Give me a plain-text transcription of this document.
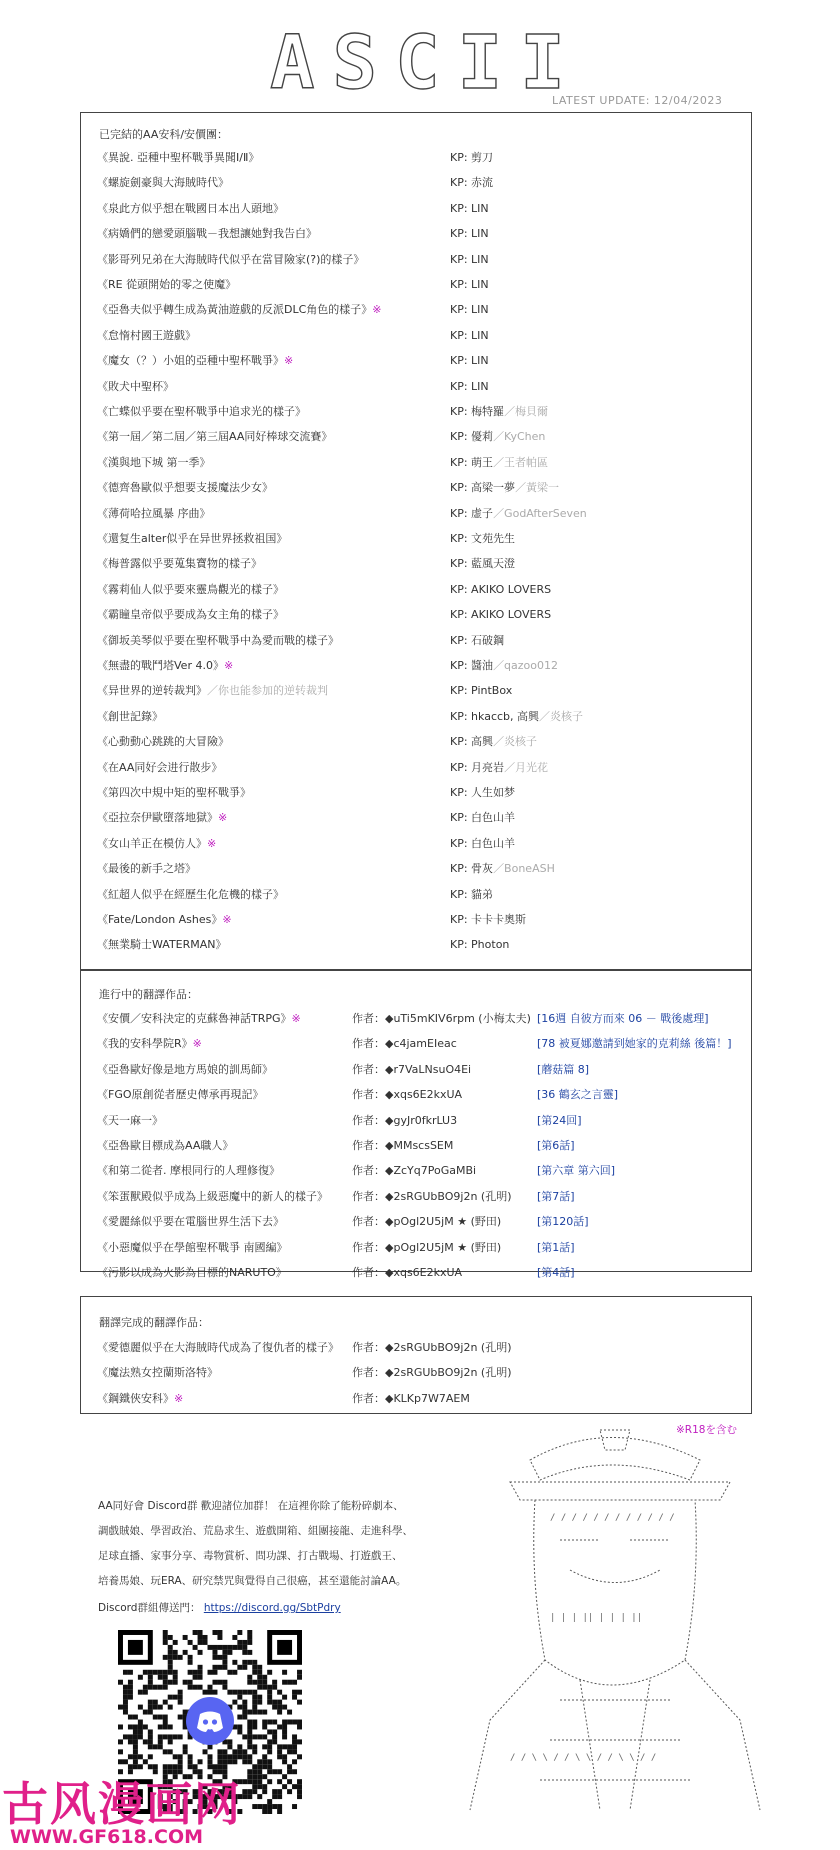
ASCII
LATEST UPDATE: 12/04/2023
已完結的AA安科/安價團：
《異說. 亞種中聖杯戰爭異聞Ⅰ/Ⅱ》	KP: 剪刀
《螺旋劍豪與大海賊時代》	KP: 赤流
《泉此方似乎想在戰國日本出人頭地》	KP: LIN
《病嬌們的戀愛頭腦戰－我想讓她對我告白》	KP: LIN
《影哥列兄弟在大海賊時代似乎在當冒險家(?)的樣子》	KP: LIN
《RE 從頭開始的零之使魔》	KP: LIN
《亞魯夫似乎轉生成為黃油遊戲的反派DLC角色的樣子》※	KP: LIN
《怠惰村國王遊戲》	KP: LIN
《魔女（？）小姐的亞種中聖杯戰爭》※	KP: LIN
《敗犬中聖杯》	KP: LIN
《亡蝶似乎要在聖杯戰爭中追求光的樣子》	KP: 梅特羅／梅貝爾
《第一屆／第二屆／第三屆AA同好棒球交流賽》	KP: 優莉／KyChen
《漢與地下城 第一季》	KP: 萌王／王者帕區
《德齊魯歐似乎想要支援魔法少女》	KP: 高梁一夢／黃梁一
《薄荷哈拉風暴 序曲》	KP: 虚子／GodAfterSeven
《還复生alter似乎在异世界拯救祖国》	KP: 文苑先生
《梅普露似乎要蒐集寶物的樣子》	KP: 藍風天澄
《霧莉仙人似乎要來靈鳥觀光的樣子》	KP: AKIKO LOVERS
《霸瞳皇帝似乎要成為女主角的樣子》	KP: AKIKO LOVERS
《御坂美琴似乎要在聖杯戰爭中為愛而戰的樣子》	KP: 石破鋼
《無盡的戰鬥塔Ver 4.0》※	KP: 醬油／qazoo012
《异世界的逆转裁判》／你也能参加的逆转裁判	KP: PintBox
《創世記錄》	KP: hkaccb, 高興／炎核子
《心動動心跳跳的大冒險》	KP: 高興／炎核子
《在AA同好会进行散步》	KP: 月亮岩／月光花
《第四次中規中矩的聖杯戰爭》	KP: 人生如梦
《亞拉奈伊歐墮落地獄》※	KP: 白色山羊
《女山羊正在模仿人》※	KP: 白色山羊
《最後的新手之塔》	KP: 骨灰／BoneASH
《紅超人似乎在經歷生化危機的樣子》	KP: 貓弟
《Fate/London Ashes》※	KP: 卡卡卡奧斯
《無業騎士WATERMAN》	KP: Photon
進行中的翻譯作品：
《安價／安科決定的克蘇魯神話TRPG》※	作者：◆uTi5mKIV6rpm (小梅太夫) [16週 自彼方而來 06 － 戰後處理]
《我的安科學院R》※	作者：◆c4jamEIeac	[78 被夏娜邀請到她家的克莉絲 後篇！]
《亞魯歐好像是地方馬娘的訓馬師》	作者：◆r7VaLNsuO4Ei	[蘑菇篇 8]
《FGO原創從者歷史傳承再現記》	作者：◆xqs6E2kxUA	[36 鶴玄之言靈]
《天一麻一》	作者：◆gyJr0fkrLU3	[第24回]
《亞魯歐目標成為AA職人》	作者：◆MMscsSEM	[第6話]
《和第二從者. 摩根同行的人理修復》	作者：◆ZcYq7PoGaMBi	[第六章 第六回]
《笨蛋獸殿似乎成為上級惡魔中的新人的樣子》 作者：◆2sRGUbBO9j2n (孔明) [第7話]
《愛麗絲似乎要在電腦世界生活下去》	作者：◆pOgl2U5jM ★ (野田)	[第120話]
《小惡魔似乎在學館聖杯戰爭 南國編》	作者：◆pOgl2U5jM ★ (野田)	[第1話]
《污影以成為火影為目標的NARUTO》	作者：◆xqs6E2kxUA	[第4話]
翻譯完成的翻譯作品：
《愛德麗似乎在大海賊時代成為了復仇者的樣子》 作者：◆2sRGUbBO9j2n (孔明)
《魔法熟女控蘭斯洛特》	作者：◆2sRGUbBO9j2n (孔明)
《鋼鐵俠安科》※	作者：◆KLKp7W7AEM
※R18を含む
AA同好會 Discord群 歡迎諸位加群！ 在這裡你除了能粉碎劇本、
調戲賊娘、學習政治、荒島求生、遊戲開箱、組團接龍、走進科學、
足球直播、家事分享、毒物賞析、問功課、打古戰場、打遊戲王、
培養馬娘、玩ERA、研究禁咒與覺得自己很癌，甚至還能討論AA。
Discord群組傳送門： https://discord.gg/SbtPdry
/ / / / / / / / / / / /
| | | || | | | ||
/ / \ \ / / \ \ / / \ \ / /
古风漫画网
WWW.GF618.COM
